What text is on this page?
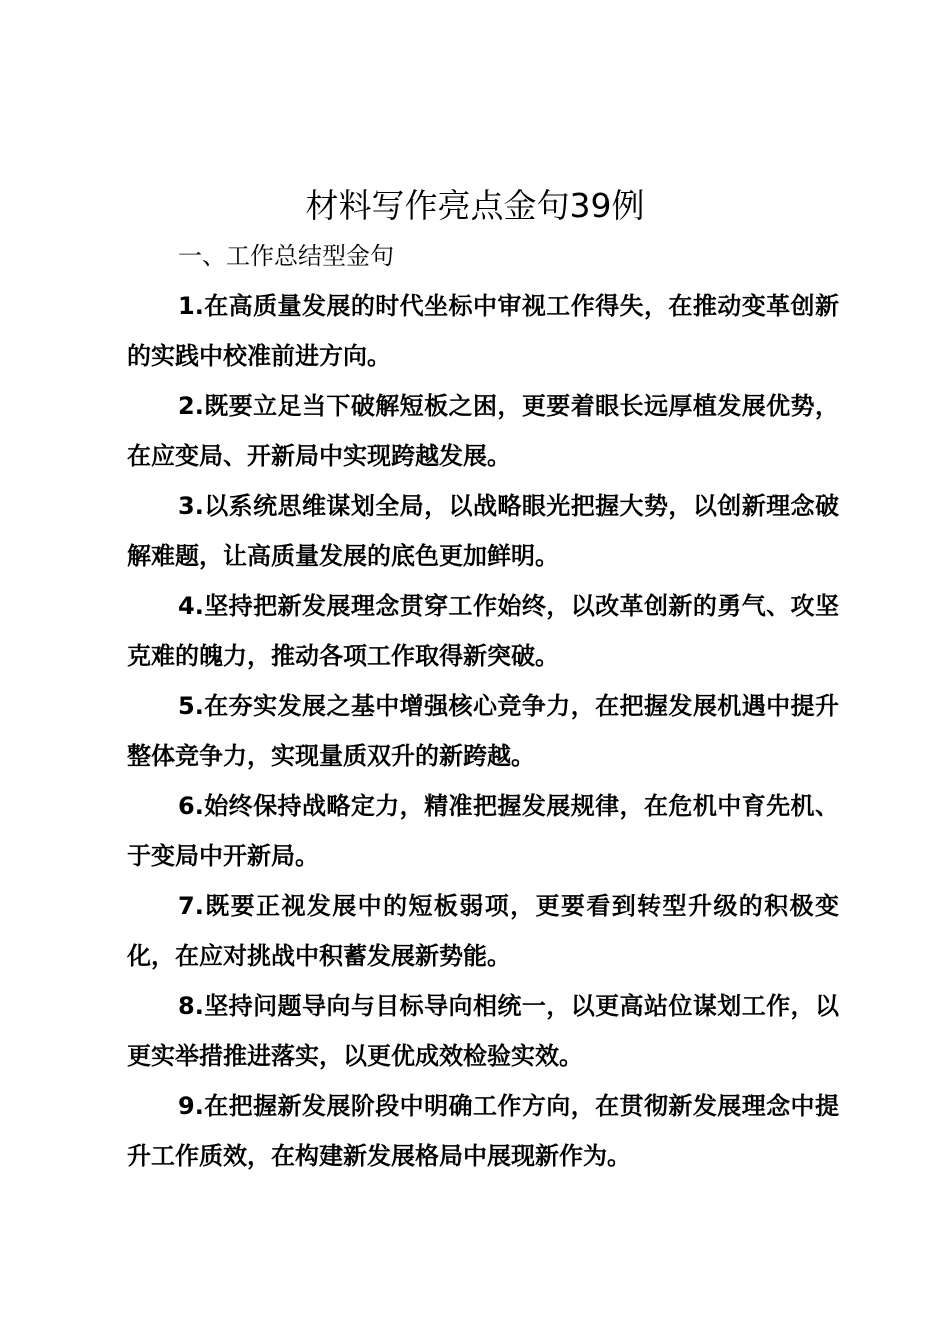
材料写作亮点金句39例

一、工作总结型金句

1.在高质量发展的时代坐标中审视工作得失，在推动变革创新的实践中校准前进方向。
2.既要立足当下破解短板之困，更要着眼长远厚植发展优势，在应变局、开新局中实现跨越发展。
3.以系统思维谋划全局，以战略眼光把握大势，以创新理念破解难题，让高质量发展的底色更加鲜明。
4.坚持把新发展理念贯穿工作始终，以改革创新的勇气、攻坚克难的魄力，推动各项工作取得新突破。
5.在夯实发展之基中增强核心竞争力，在把握发展机遇中提升整体竞争力，实现量质双升的新跨越。
6.始终保持战略定力，精准把握发展规律，在危机中育先机、于变局中开新局。
7.既要正视发展中的短板弱项，更要看到转型升级的积极变化，在应对挑战中积蓄发展新势能。
8.坚持问题导向与目标导向相统一，以更高站位谋划工作，以更实举措推进落实，以更优成效检验实效。
9.在把握新发展阶段中明确工作方向，在贯彻新发展理念中提升工作质效，在构建新发展格局中展现新作为。
